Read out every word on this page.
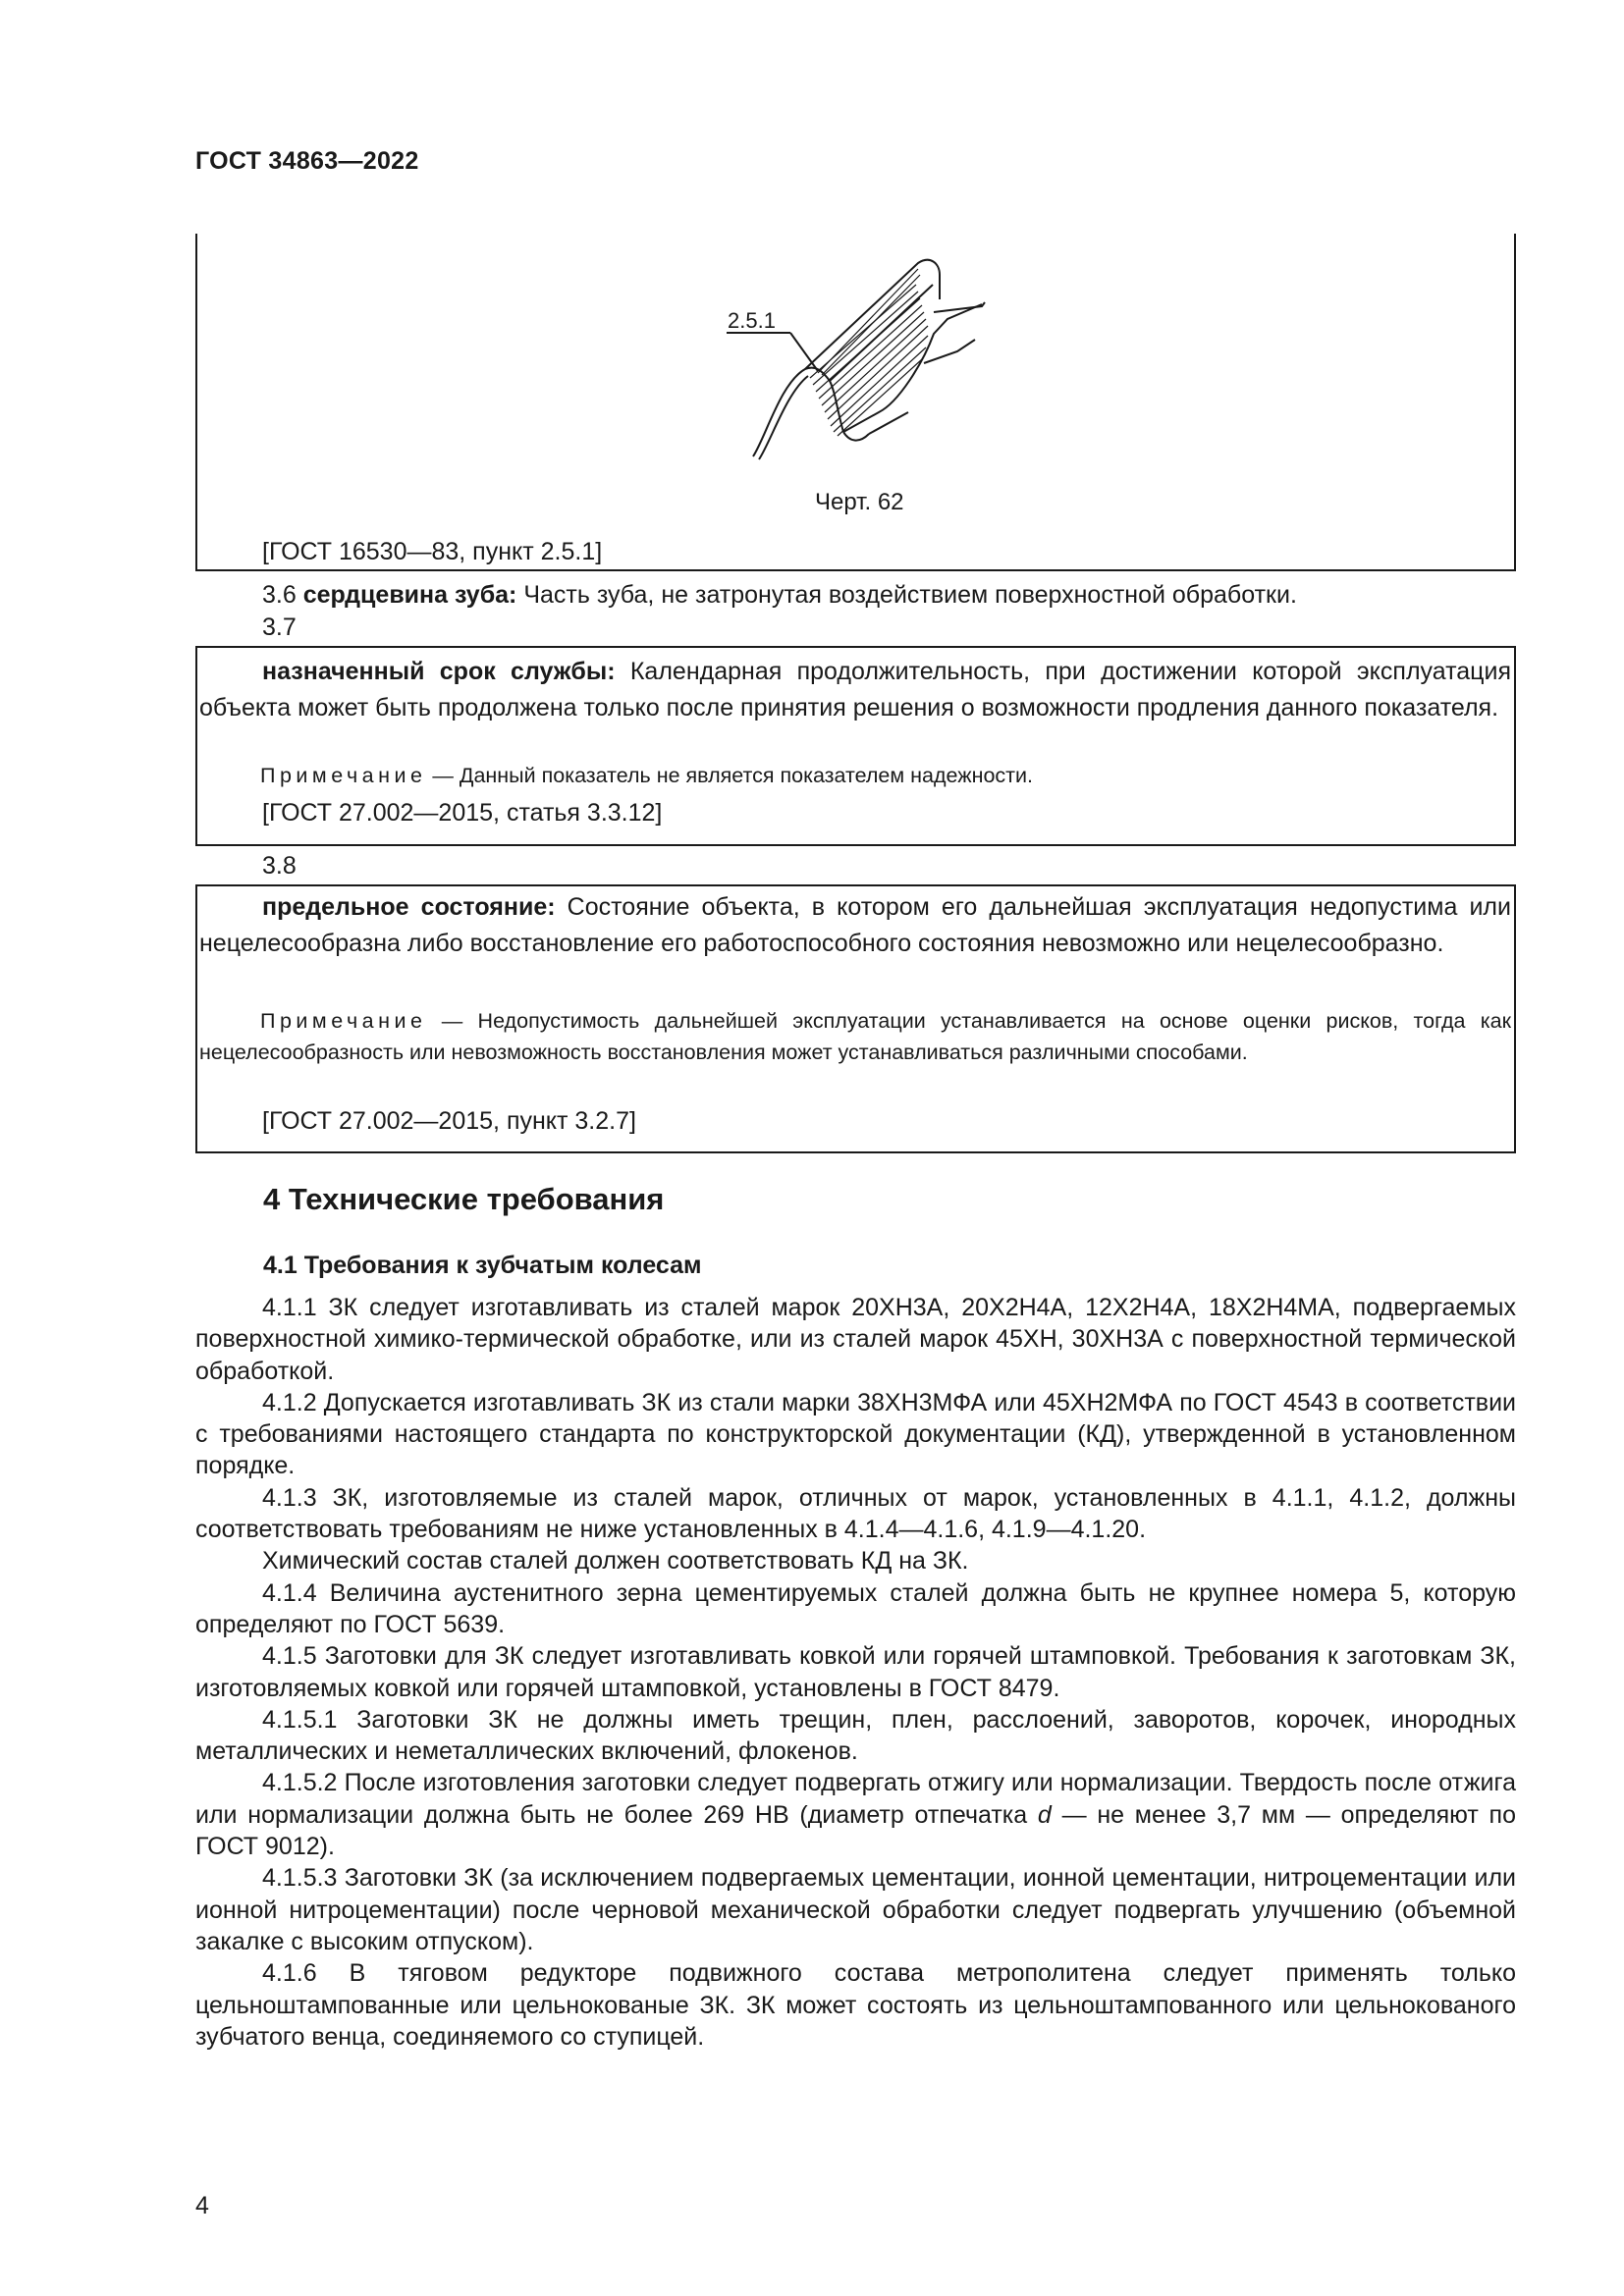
ГОСТ 34863—2022
2.5.1
Черт. 62
[ГОСТ 16530—83, пункт 2.5.1]
3.6 сердцевина зуба: Часть зуба, не затронутая воздействием поверхностной обработки.
3.7
назначенный срок службы: Календарная продолжительность, при достижении которой эксплуатация объекта может быть продолжена только после принятия решения о возможности продления данного показателя.
Примечание — Данный показатель не является показателем надежности.
[ГОСТ 27.002—2015, статья 3.3.12]
3.8
предельное состояние: Состояние объекта, в котором его дальнейшая эксплуатация недопустима или нецелесообразна либо восстановление его работоспособного состояния невозможно или нецелесообразно.
Примечание — Недопустимость дальнейшей эксплуатации устанавливается на основе оценки рисков, тогда как нецелесообразность или невозможность восстановления может устанавливаться различными способами.
[ГОСТ 27.002—2015, пункт 3.2.7]
4 Технические требования
4.1 Требования к зубчатым колесам

4.1.1 ЗК следует изготавливать из сталей марок 20ХН3А, 20Х2Н4А, 12Х2Н4А, 18Х2Н4МА, подвергаемых поверхностной химико-термической обработке, или из сталей марок 45ХН, 30ХН3А с поверхностной термической обработкой.

4.1.2 Допускается изготавливать ЗК из стали марки 38ХН3МФА или 45ХН2МФА по ГОСТ 4543 в соответствии с требованиями настоящего стандарта по конструкторской документации (КД), утвержденной в установленном порядке.

4.1.3 ЗК, изготовляемые из сталей марок, отличных от марок, установленных в 4.1.1, 4.1.2, должны соответствовать требованиям не ниже установленных в 4.1.4—4.1.6, 4.1.9—4.1.20.

Химический состав сталей должен соответствовать КД на ЗК.

4.1.4 Величина аустенитного зерна цементируемых сталей должна быть не крупнее номера 5, которую определяют по ГОСТ 5639.

4.1.5 Заготовки для ЗК следует изготавливать ковкой или горячей штамповкой. Требования к заготовкам ЗК, изготовляемых ковкой или горячей штамповкой, установлены в ГОСТ 8479.

4.1.5.1 Заготовки ЗК не должны иметь трещин, плен, расслоений, заворотов, корочек, инородных металлических и неметаллических включений, флокенов.

4.1.5.2 После изготовления заготовки следует подвергать отжигу или нормализации. Твердость после отжига или нормализации должна быть не более 269 НВ (диаметр отпечатка d — не менее 3,7 мм — определяют по ГОСТ 9012).

4.1.5.3 Заготовки ЗК (за исключением подвергаемых цементации, ионной цементации, нитроцементации или ионной нитроцементации) после черновой механической обработки следует подвергать улучшению (объемной закалке с высоким отпуском).

4.1.6 В тяговом редукторе подвижного состава метрополитена следует применять только цельноштампованные или цельнокованые ЗК. ЗК может состоять из цельноштампованного или цельнокованого зубчатого венца, соединяемого со ступицей.

4
